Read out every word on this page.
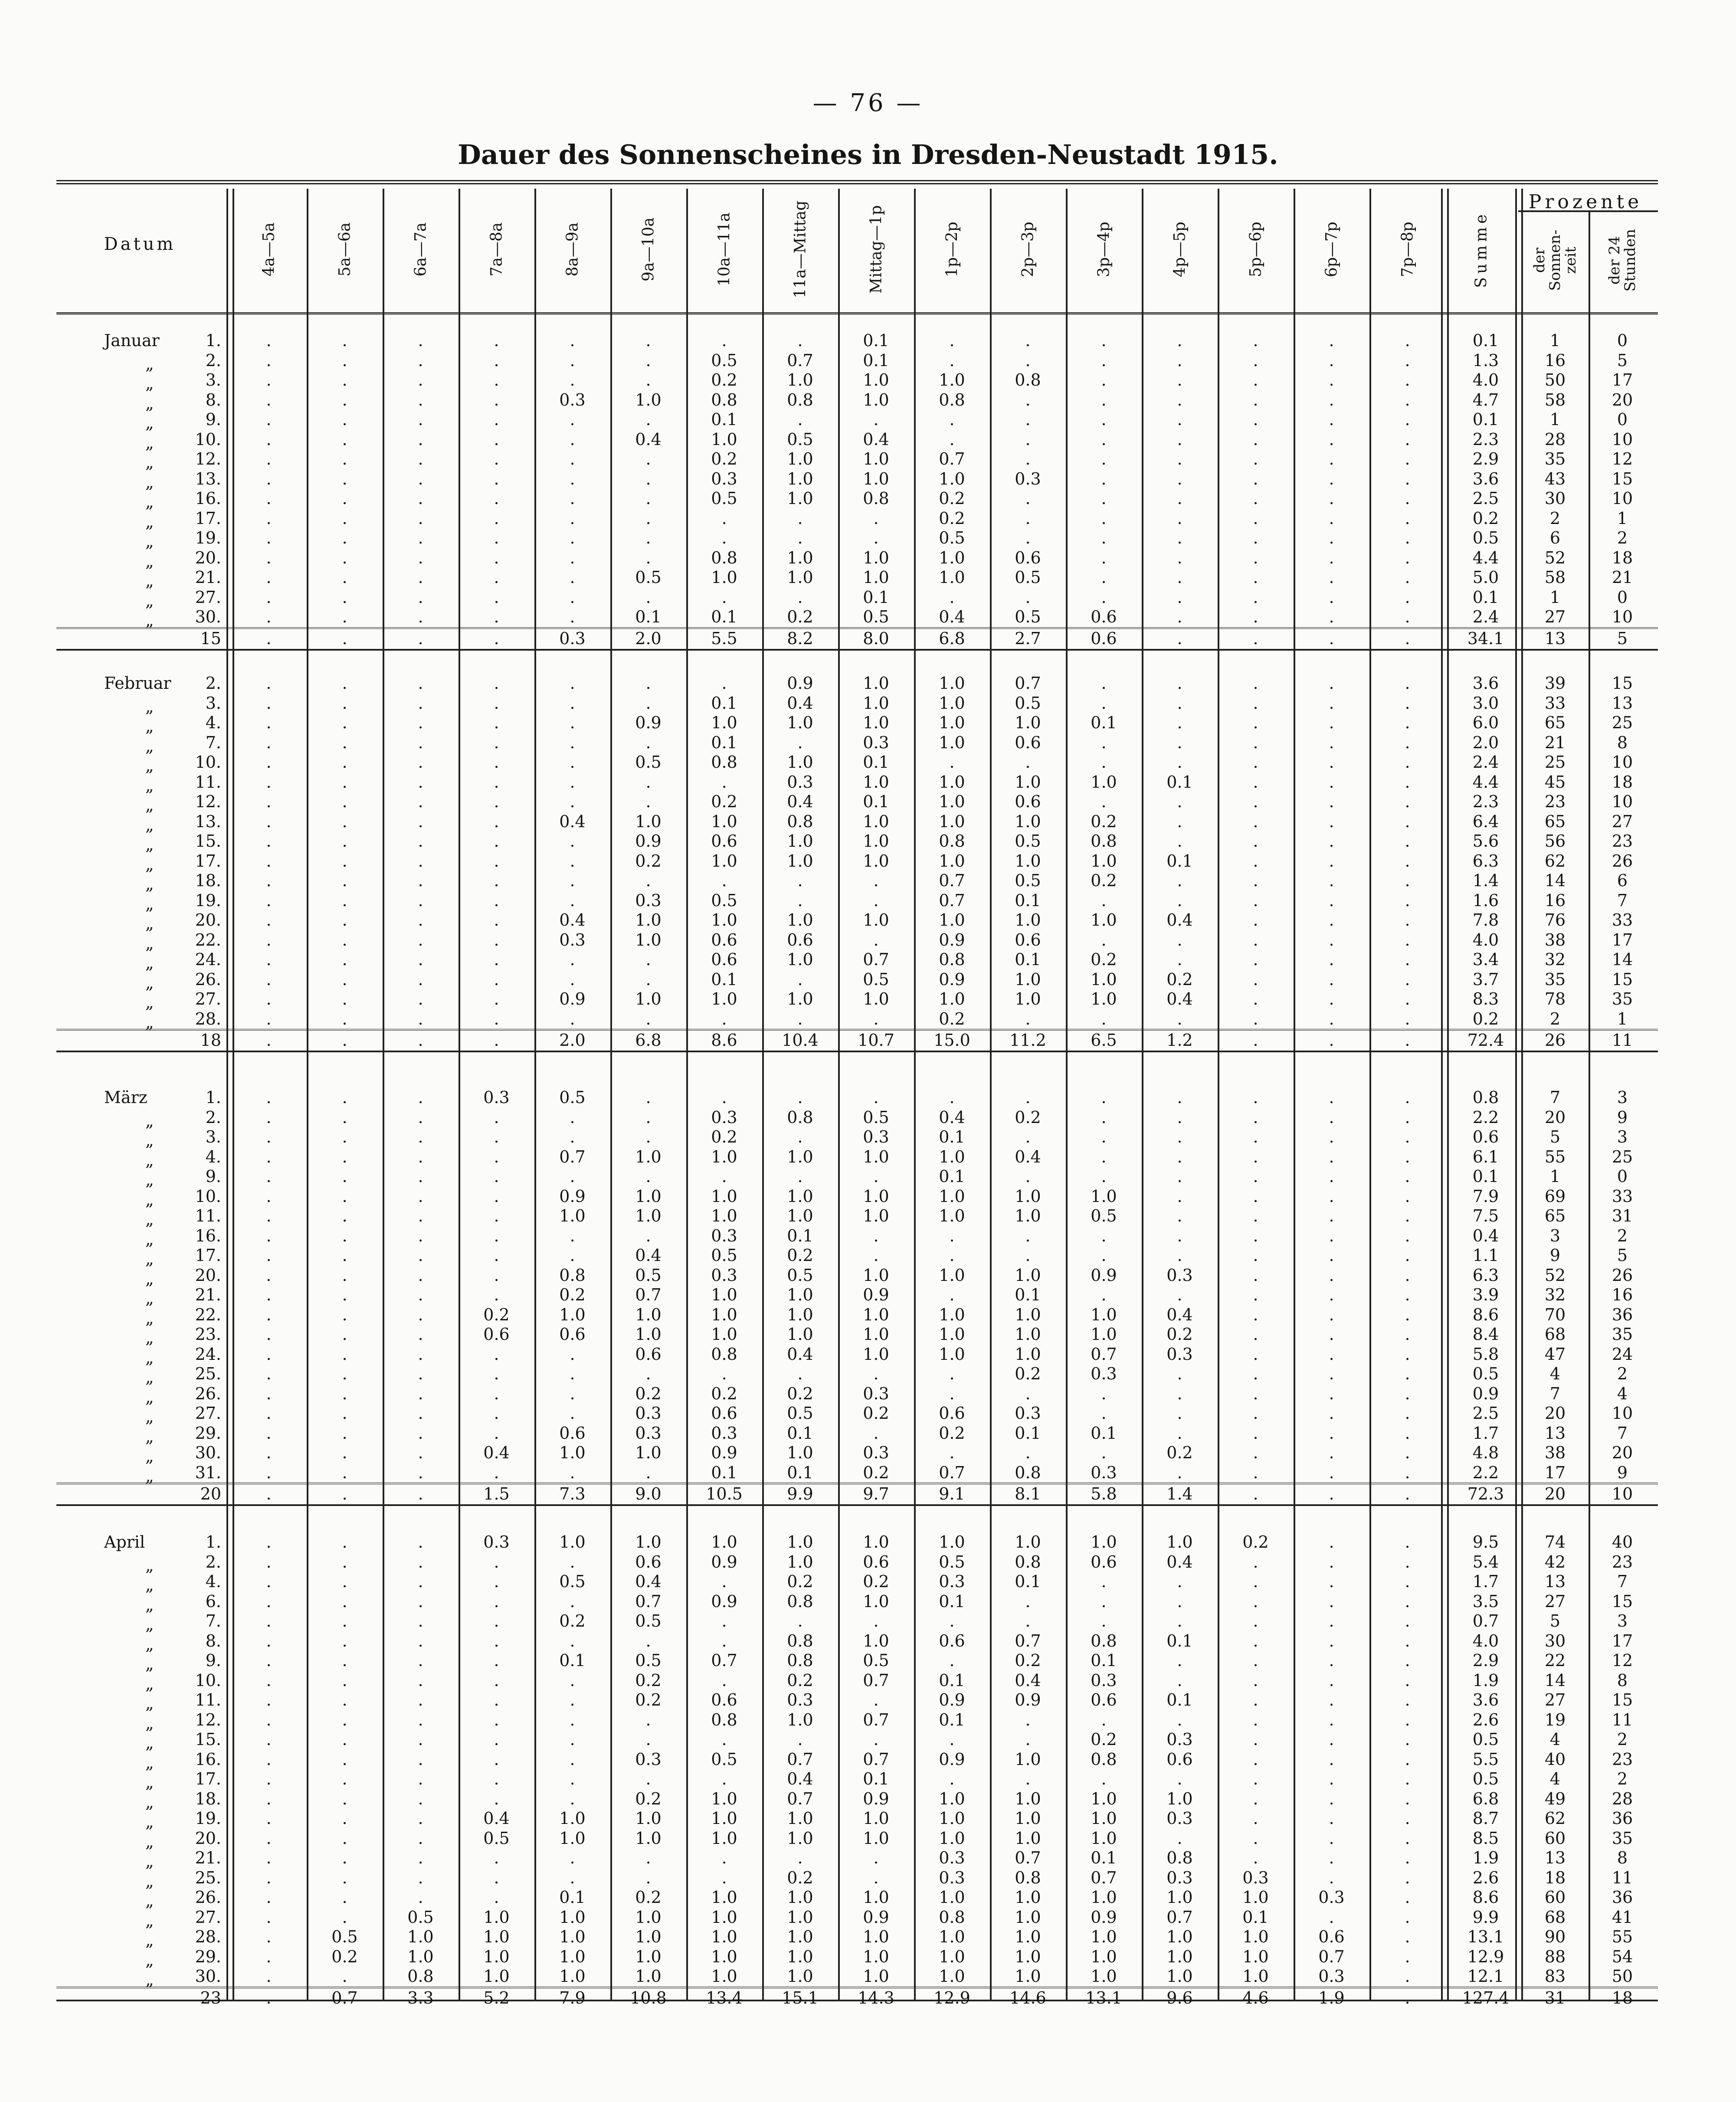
— 76 —
Dauer des Sonnenscheines in Dresden-Neustadt 1915.
Datum
Prozente
Summe	der Sonnen-zeit der 24 Stunden
4a—5a	5a—6a	6a—7a	7a—8a	8a—9a	9a—10a	10a—11a	11a—Mittag	Mittag—1p	1p—2p	2p—3p	3p—4p	4p—5p	5p—6p	6p—7p	7p—8p
Januar	1.	.	.	.	.	.	.	.	.	0.1	.	.	.	.	.	.	.	0.1	1	0
„	2.	.	.	.	.	.	.	0.5	0.7	0.1	.	.	.	.	.	.	.	1.3	16	5
„	3.	.	.	.	.	.	.	0.2	1.0	1.0	1.0	0.8	.	.	.	.	.	4.0	50	17
„	8.	.	.	.	.	0.3	1.0	0.8	0.8	1.0	0.8	.	.	.	.	.	.	4.7	58	20
„	9.	.	.	.	.	.	.	0.1	.	.	.	.	.	.	.	.	.	0.1	1	0
„	10.	.	.	.	.	.	0.4	1.0	0.5	0.4	.	.	.	.	.	.	.	2.3	28	10
„	12.	.	.	.	.	.	.	0.2	1.0	1.0	0.7	.	.	.	.	.	.	2.9	35	12
„	13.	.	.	.	.	.	.	0.3	1.0	1.0	1.0	0.3	.	.	.	.	.	3.6	43	15
„	16.	.	.	.	.	.	.	0.5	1.0	0.8	0.2	.	.	.	.	.	.	2.5	30	10
„	17.	.	.	.	.	.	.	.	.	.	0.2	.	.	.	.	.	.	0.2	2	1
„	19.	.	.	.	.	.	.	.	.	.	0.5	.	.	.	.	.	.	0.5	6	2
„	20.	.	.	.	.	.	.	0.8	1.0	1.0	1.0	0.6	.	.	.	.	.	4.4	52	18
„	21.	.	.	.	.	.	0.5	1.0	1.0	1.0	1.0	0.5	.	.	.	.	.	5.0	58	21
„	27.	.	.	.	.	.	.	.	.	0.1	.	.	.	.	.	.	.	0.1	1	0
„	30.	.	.	.	.	.	0.1	0.1	0.2	0.5	0.4	0.5	0.6	.	.	.	.	2.4	27	10
15	.	.	.	.	0.3	2.0	5.5	8.2	8.0	6.8	2.7	0.6	.	.	.	.	34.1	13	5
Februar	2.	.	.	.	.	.	.	.	0.9	1.0	1.0	0.7	.	.	.	.	.	3.6	39	15
„	3.	.	.	.	.	.	.	0.1	0.4	1.0	1.0	0.5	.	.	.	.	.	3.0	33	13
„	4.	.	.	.	.	.	0.9	1.0	1.0	1.0	1.0	1.0	0.1	.	.	.	.	6.0	65	25
„	7.	.	.	.	.	.	.	0.1	.	0.3	1.0	0.6	.	.	.	.	.	2.0	21	8
„	10.	.	.	.	.	.	0.5	0.8	1.0	0.1	.	.	.	.	.	.	.	2.4	25	10
„	11.	.	.	.	.	.	.	.	0.3	1.0	1.0	1.0	1.0	0.1	.	.	.	4.4	45	18
„	12.	.	.	.	.	.	.	0.2	0.4	0.1	1.0	0.6	.	.	.	.	.	2.3	23	10
„	13.	.	.	.	.	0.4	1.0	1.0	0.8	1.0	1.0	1.0	0.2	.	.	.	.	6.4	65	27
„	15.	.	.	.	.	.	0.9	0.6	1.0	1.0	0.8	0.5	0.8	.	.	.	.	5.6	56	23
„	17.	.	.	.	.	.	0.2	1.0	1.0	1.0	1.0	1.0	1.0	0.1	.	.	.	6.3	62	26
„	18.	.	.	.	.	.	.	.	.	.	0.7	0.5	0.2	.	.	.	.	1.4	14	6
„	19.	.	.	.	.	.	0.3	0.5	.	.	0.7	0.1	.	.	.	.	.	1.6	16	7
„	20.	.	.	.	.	0.4	1.0	1.0	1.0	1.0	1.0	1.0	1.0	0.4	.	.	.	7.8	76	33
„	22.	.	.	.	.	0.3	1.0	0.6	0.6	.	0.9	0.6	.	.	.	.	.	4.0	38	17
„	24.	.	.	.	.	.	.	0.6	1.0	0.7	0.8	0.1	0.2	.	.	.	.	3.4	32	14
„	26.	.	.	.	.	.	.	0.1	.	0.5	0.9	1.0	1.0	0.2	.	.	.	3.7	35	15
„	27.	.	.	.	.	0.9	1.0	1.0	1.0	1.0	1.0	1.0	1.0	0.4	.	.	.	8.3	78	35
„	28.	.	.	.	.	.	.	.	.	.	0.2	.	.	.	.	.	.	0.2	2	1
18	.	.	.	.	2.0	6.8	8.6	10.4	10.7	15.0	11.2	6.5	1.2	.	.	.	72.4	26	11
März	1.	.	.	.	0.3	0.5	.	.	.	.	.	.	.	.	.	.	.	0.8	7	3
„	2.	.	.	.	.	.	.	0.3	0.8	0.5	0.4	0.2	.	.	.	.	.	2.2	20	9
„	3.	.	.	.	.	.	.	0.2	.	0.3	0.1	.	.	.	.	.	.	0.6	5	3
„	4.	.	.	.	.	0.7	1.0	1.0	1.0	1.0	1.0	0.4	.	.	.	.	.	6.1	55	25
„	9.	.	.	.	.	.	.	.	.	.	0.1	.	.	.	.	.	.	0.1	1	0
„	10.	.	.	.	.	0.9	1.0	1.0	1.0	1.0	1.0	1.0	1.0	.	.	.	.	7.9	69	33
„	11.	.	.	.	.	1.0	1.0	1.0	1.0	1.0	1.0	1.0	0.5	.	.	.	.	7.5	65	31
„	16.	.	.	.	.	.	.	0.3	0.1	.	.	.	.	.	.	.	.	0.4	3	2
„	17.	.	.	.	.	.	0.4	0.5	0.2	.	.	.	.	.	.	.	.	1.1	9	5
„	20.	.	.	.	.	0.8	0.5	0.3	0.5	1.0	1.0	1.0	0.9	0.3	.	.	.	6.3	52	26
„	21.	.	.	.	.	0.2	0.7	1.0	1.0	0.9	.	0.1	.	.	.	.	.	3.9	32	16
„	22.	.	.	.	0.2	1.0	1.0	1.0	1.0	1.0	1.0	1.0	1.0	0.4	.	.	.	8.6	70	36
„	23.	.	.	.	0.6	0.6	1.0	1.0	1.0	1.0	1.0	1.0	1.0	0.2	.	.	.	8.4	68	35
„	24.	.	.	.	.	.	0.6	0.8	0.4	1.0	1.0	1.0	0.7	0.3	.	.	.	5.8	47	24
„	25.	.	.	.	.	.	.	.	.	.	.	0.2	0.3	.	.	.	.	0.5	4	2
„	26.	.	.	.	.	.	0.2	0.2	0.2	0.3	.	.	.	.	.	.	.	0.9	7	4
„	27.	.	.	.	.	.	0.3	0.6	0.5	0.2	0.6	0.3	.	.	.	.	.	2.5	20	10
„	29.	.	.	.	.	0.6	0.3	0.3	0.1	.	0.2	0.1	0.1	.	.	.	.	1.7	13	7
„	30.	.	.	.	0.4	1.0	1.0	0.9	1.0	0.3	.	.	.	0.2	.	.	.	4.8	38	20
„	31.	.	.	.	.	.	.	0.1	0.1	0.2	0.7	0.8	0.3	.	.	.	.	2.2	17	9
20	.	.	.	1.5	7.3	9.0	10.5	9.9	9.7	9.1	8.1	5.8	1.4	.	.	.	72.3	20	10
April	1.	.	.	.	0.3	1.0	1.0	1.0	1.0	1.0	1.0	1.0	1.0	1.0	0.2	.	.	9.5	74	40
„	2.	.	.	.	.	.	0.6	0.9	1.0	0.6	0.5	0.8	0.6	0.4	.	.	.	5.4	42	23
„	4.	.	.	.	.	0.5	0.4	.	0.2	0.2	0.3	0.1	.	.	.	.	.	1.7	13	7
„	6.	.	.	.	.	.	0.7	0.9	0.8	1.0	0.1	.	.	.	.	.	.	3.5	27	15
„	7.	.	.	.	.	0.2	0.5	.	.	.	.	.	.	.	.	.	.	0.7	5	3
„	8.	.	.	.	.	.	.	.	0.8	1.0	0.6	0.7	0.8	0.1	.	.	.	4.0	30	17
„	9.	.	.	.	.	0.1	0.5	0.7	0.8	0.5	.	0.2	0.1	.	.	.	.	2.9	22	12
„	10.	.	.	.	.	.	0.2	.	0.2	0.7	0.1	0.4	0.3	.	.	.	.	1.9	14	8
„	11.	.	.	.	.	.	0.2	0.6	0.3	.	0.9	0.9	0.6	0.1	.	.	.	3.6	27	15
„	12.	.	.	.	.	.	.	0.8	1.0	0.7	0.1	.	.	.	.	.	.	2.6	19	11
„	15.	.	.	.	.	.	.	.	.	.	.	.	0.2	0.3	.	.	.	0.5	4	2
„	16.	.	.	.	.	.	0.3	0.5	0.7	0.7	0.9	1.0	0.8	0.6	.	.	.	5.5	40	23
„	17.	.	.	.	.	.	.	.	0.4	0.1	.	.	.	.	.	.	.	0.5	4	2
„	18.	.	.	.	.	.	0.2	1.0	0.7	0.9	1.0	1.0	1.0	1.0	.	.	.	6.8	49	28
„	19.	.	.	.	0.4	1.0	1.0	1.0	1.0	1.0	1.0	1.0	1.0	0.3	.	.	.	8.7	62	36
„	20.	.	.	.	0.5	1.0	1.0	1.0	1.0	1.0	1.0	1.0	1.0	.	.	.	.	8.5	60	35
„	21.	.	.	.	.	.	.	.	.	.	0.3	0.7	0.1	0.8	.	.	.	1.9	13	8
„	25.	.	.	.	.	.	.	.	0.2	.	0.3	0.8	0.7	0.3	0.3	.	.	2.6	18	11
„	26.	.	.	.	.	0.1	0.2	1.0	1.0	1.0	1.0	1.0	1.0	1.0	1.0	0.3	.	8.6	60	36
„	27.	.	.	0.5	1.0	1.0	1.0	1.0	1.0	0.9	0.8	1.0	0.9	0.7	0.1	.	.	9.9	68	41
„	28.	.	0.5	1.0	1.0	1.0	1.0	1.0	1.0	1.0	1.0	1.0	1.0	1.0	1.0	0.6	.	13.1	90	55
„	29.	.	0.2	1.0	1.0	1.0	1.0	1.0	1.0	1.0	1.0	1.0	1.0	1.0	1.0	0.7	.	12.9	88	54
„	30.	.	.	0.8	1.0	1.0	1.0	1.0	1.0	1.0	1.0	1.0	1.0	1.0	1.0	0.3	.	12.1	83	50
23	.	0.7	3.3	5.2	7.9	10.8	13.4	15.1	14.3	12.9	14.6	13.1	9.6	4.6	1.9	.	127.4	31	18
